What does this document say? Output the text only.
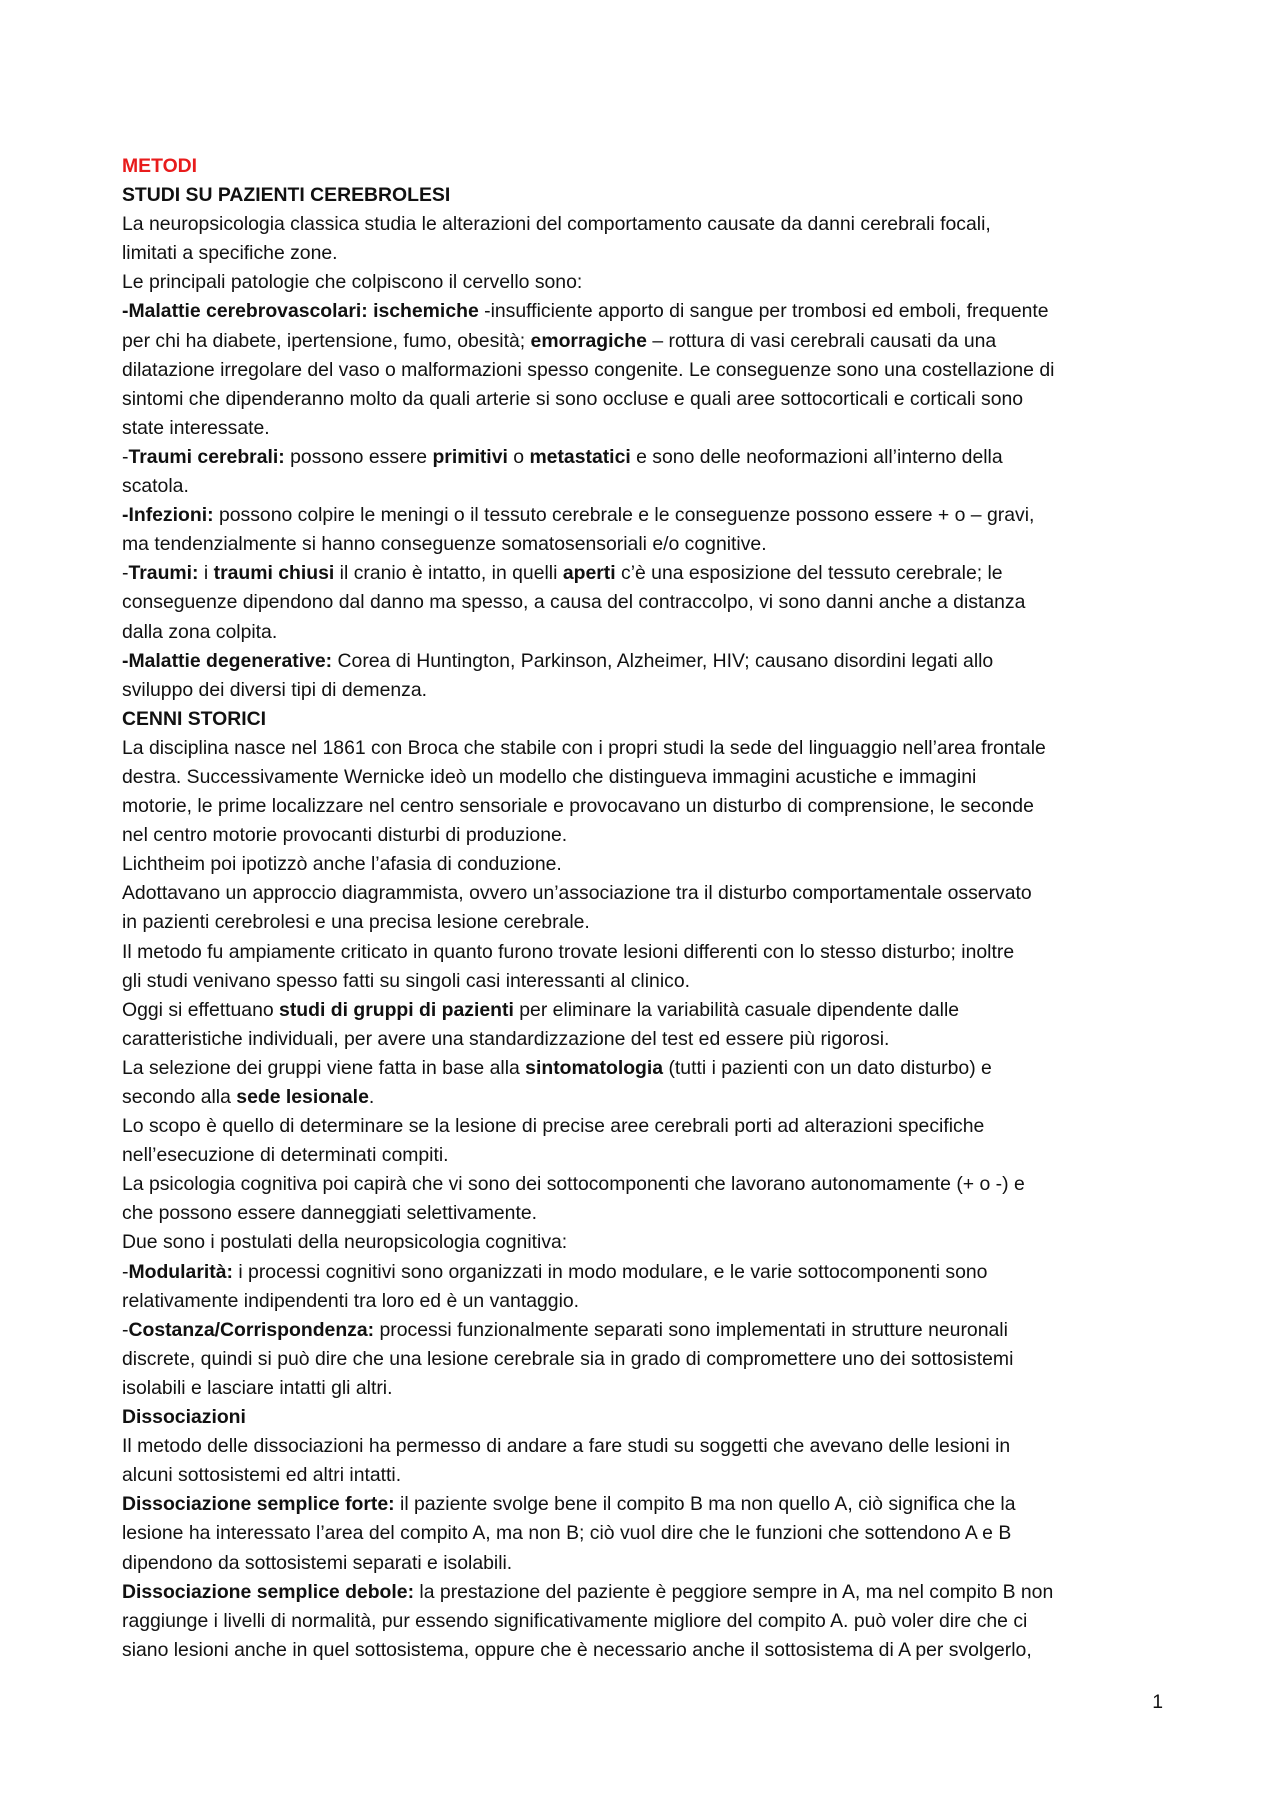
METODI
STUDI SU PAZIENTI CEREBROLESI
La neuropsicologia classica studia le alterazioni del comportamento causate da danni cerebrali focali,
limitati a specifiche zone.
Le principali patologie che colpiscono il cervello sono:
-Malattie cerebrovascolari: ischemiche -insufficiente apporto di sangue per trombosi ed emboli, frequente
per chi ha diabete, ipertensione, fumo, obesità; emorragiche – rottura di vasi cerebrali causati da una
dilatazione irregolare del vaso o malformazioni spesso congenite. Le conseguenze sono una costellazione di
sintomi che dipenderanno molto da quali arterie si sono occluse e quali aree sottocorticali e corticali sono
state interessate.
-Traumi cerebrali: possono essere primitivi o metastatici e sono delle neoformazioni all’interno della
scatola.
-Infezioni: possono colpire le meningi o il tessuto cerebrale e le conseguenze possono essere + o – gravi,
ma tendenzialmente si hanno conseguenze somatosensoriali e/o cognitive.
-Traumi: i traumi chiusi il cranio è intatto, in quelli aperti c’è una esposizione del tessuto cerebrale; le
conseguenze dipendono dal danno ma spesso, a causa del contraccolpo, vi sono danni anche a distanza
dalla zona colpita.
-Malattie degenerative: Corea di Huntington, Parkinson, Alzheimer, HIV; causano disordini legati allo
sviluppo dei diversi tipi di demenza.
CENNI STORICI
La disciplina nasce nel 1861 con Broca che stabile con i propri studi la sede del linguaggio nell’area frontale
destra. Successivamente Wernicke ideò un modello che distingueva immagini acustiche e immagini
motorie, le prime localizzare nel centro sensoriale e provocavano un disturbo di comprensione, le seconde
nel centro motorie provocanti disturbi di produzione.
Lichtheim poi ipotizzò anche l’afasia di conduzione.
Adottavano un approccio diagrammista, ovvero un’associazione tra il disturbo comportamentale osservato
in pazienti cerebrolesi e una precisa lesione cerebrale.
Il metodo fu ampiamente criticato in quanto furono trovate lesioni differenti con lo stesso disturbo; inoltre
gli studi venivano spesso fatti su singoli casi interessanti al clinico.
Oggi si effettuano studi di gruppi di pazienti per eliminare la variabilità casuale dipendente dalle
caratteristiche individuali, per avere una standardizzazione del test ed essere più rigorosi.
La selezione dei gruppi viene fatta in base alla sintomatologia (tutti i pazienti con un dato disturbo) e
secondo alla sede lesionale.
Lo scopo è quello di determinare se la lesione di precise aree cerebrali porti ad alterazioni specifiche
nell’esecuzione di determinati compiti.
La psicologia cognitiva poi capirà che vi sono dei sottocomponenti che lavorano autonomamente (+ o -) e
che possono essere danneggiati selettivamente.
Due sono i postulati della neuropsicologia cognitiva:
-Modularità: i processi cognitivi sono organizzati in modo modulare, e le varie sottocomponenti sono
relativamente indipendenti tra loro ed è un vantaggio.
-Costanza/Corrispondenza: processi funzionalmente separati sono implementati in strutture neuronali
discrete, quindi si può dire che una lesione cerebrale sia in grado di compromettere uno dei sottosistemi
isolabili e lasciare intatti gli altri.
Dissociazioni
Il metodo delle dissociazioni ha permesso di andare a fare studi su soggetti che avevano delle lesioni in
alcuni sottosistemi ed altri intatti.
Dissociazione semplice forte: il paziente svolge bene il compito B ma non quello A, ciò significa che la
lesione ha interessato l’area del compito A, ma non B; ciò vuol dire che le funzioni che sottendono A e B
dipendono da sottosistemi separati e isolabili.
Dissociazione semplice debole: la prestazione del paziente è peggiore sempre in A, ma nel compito B non
raggiunge i livelli di normalità, pur essendo significativamente migliore del compito A. può voler dire che ci
siano lesioni anche in quel sottosistema, oppure che è necessario anche il sottosistema di A per svolgerlo,
1
